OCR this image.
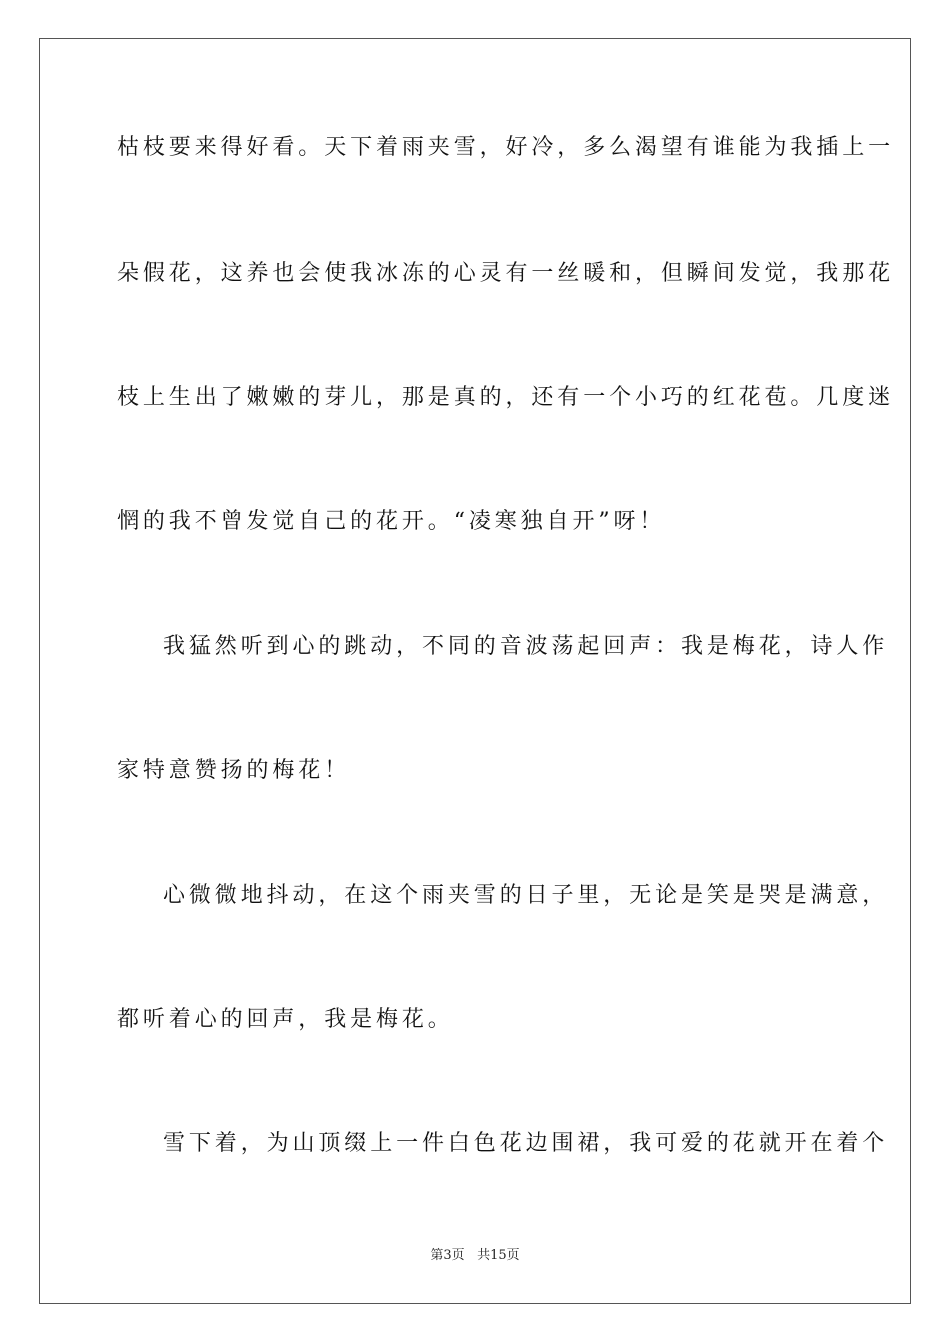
枯枝要来得好看。天下着雨夹雪，好冷，多么渴望有谁能为我插上一
朵假花，这养也会使我冰冻的心灵有一丝暖和，但瞬间发觉，我那花
枝上生出了嫩嫩的芽儿，那是真的，还有一个小巧的红花苞。几度迷
惘的我不曾发觉自己的花开。“凌寒独自开”呀！
我猛然听到心的跳动，不同的音波荡起回声：我是梅花，诗人作
家特意赞扬的梅花！
心微微地抖动，在这个雨夹雪的日子里，无论是笑是哭是满意，
都听着心的回声，我是梅花。
雪下着，为山顶缀上一件白色花边围裙，我可爱的花就开在着个
第3页 共15页
